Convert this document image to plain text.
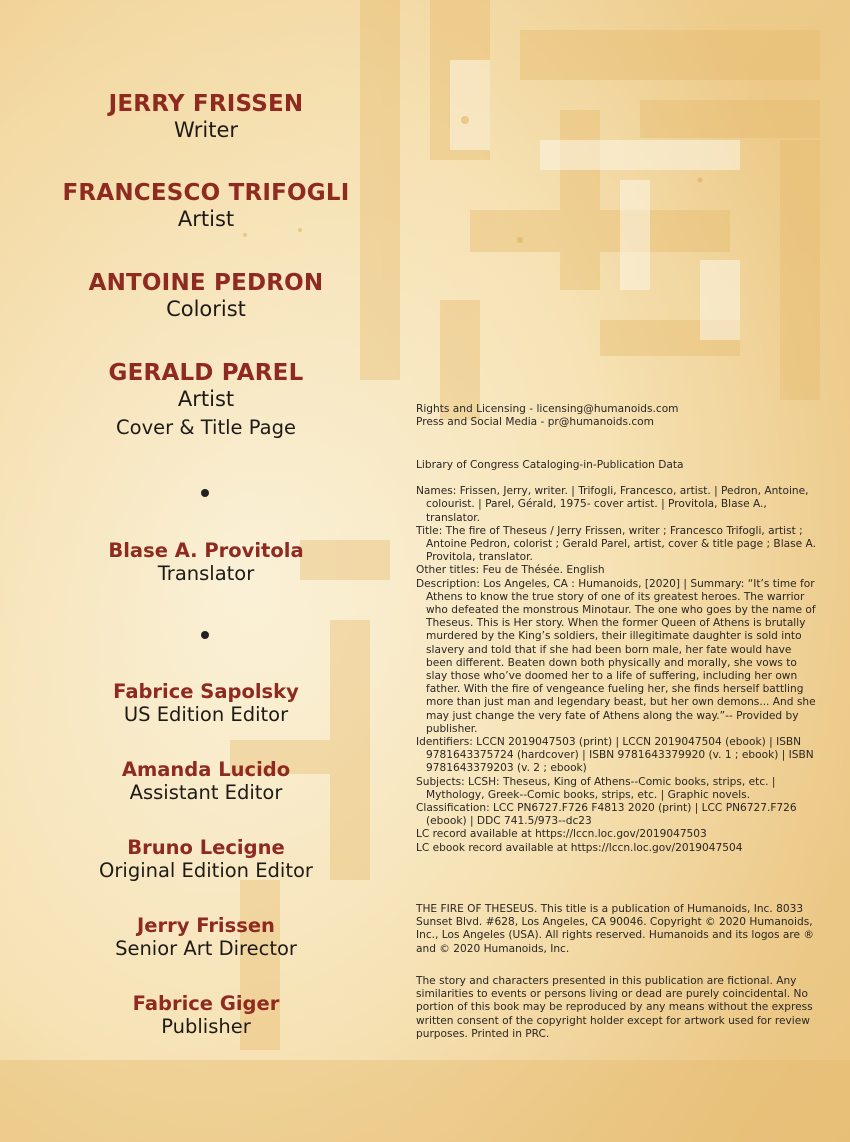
JERRY FRISSEN
Writer
FRANCESCO TRIFOGLI
Artist
ANTOINE PEDRON
Colorist
GERALD PAREL
Artist
Cover & Title Page
Blase A. Provitola
Translator
Fabrice Sapolsky
US Edition Editor
Amanda Lucido
Assistant Editor
Bruno Lecigne
Original Edition Editor
Jerry Frissen
Senior Art Director
Fabrice Giger
Publisher

Rights and Licensing - licensing@humanoids.com

Press and Social Media - pr@humanoids.com

Library of Congress Cataloging-in-Publication Data

Names: Frissen, Jerry, writer. | Trifogli, Francesco, artist. | Pedron, Antoine, colourist. | Parel, Gérald, 1975- cover artist. | Provitola, Blase A., translator.

Title: The fire of Theseus / Jerry Frissen, writer ; Francesco Trifogli, artist ; Antoine Pedron, colorist ; Gerald Parel, artist, cover & title page ; Blase A. Provitola, translator.

Other titles: Feu de Thésée. English

Description: Los Angeles, CA : Humanoids, [2020] | Summary: “It’s time for Athens to know the true story of one of its greatest heroes. The warrior who defeated the monstrous Minotaur. The one who goes by the name of Theseus. This is Her story. When the former Queen of Athens is brutally murdered by the King’s soldiers, their illegitimate daughter is sold into slavery and told that if she had been born male, her fate would have been different. Beaten down both physically and morally, she vows to slay those who’ve doomed her to a life of suffering, including her own father. With the fire of vengeance fueling her, she finds herself battling more than just man and legendary beast, but her own demons... And she may just change the very fate of Athens along the way.”-- Provided by publisher.

Identifiers: LCCN 2019047503 (print) | LCCN 2019047504 (ebook) | ISBN 9781643375724 (hardcover) | ISBN 9781643379920 (v. 1 ; ebook) | ISBN 9781643379203 (v. 2 ; ebook)

Subjects: LCSH: Theseus, King of Athens--Comic books, strips, etc. | Mythology, Greek--Comic books, strips, etc. | Graphic novels.

Classification: LCC PN6727.F726 F4813 2020 (print) | LCC PN6727.F726 (ebook) | DDC 741.5/973--dc23

LC record available at https://lccn.loc.gov/2019047503

LC ebook record available at https://lccn.loc.gov/2019047504

THE FIRE OF THESEUS. This title is a publication of Humanoids, Inc. 8033 Sunset Blvd. #628, Los Angeles, CA 90046. Copyright © 2020 Humanoids, Inc., Los Angeles (USA). All rights reserved. Humanoids and its logos are ® and © 2020 Humanoids, Inc.

The story and characters presented in this publication are fictional. Any similarities to events or persons living or dead are purely coincidental. No portion of this book may be reproduced by any means without the express written consent of the copyright holder except for artwork used for review purposes. Printed in PRC.
